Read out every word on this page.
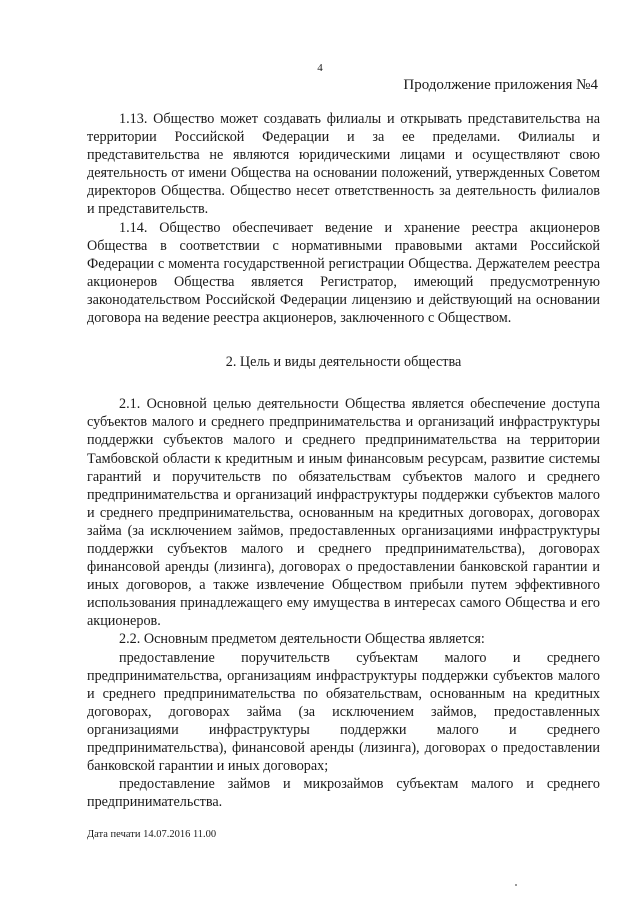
4
Продолжение приложения №4

1.13. Общество может создавать филиалы и открывать представительства на территории Российской Федерации и за ее пределами. Филиалы и представительства не являются юридическими лицами и осуществляют свою деятельность от имени Общества на основании положений, утвержденных Советом директоров Общества. Общество несет ответственность за деятельность филиалов и представительств.

1.14. Общество обеспечивает ведение и хранение реестра акционеров Общества в соответствии с нормативными правовыми актами Российской Федерации с момента государственной регистрации Общества. Держателем реестра акционеров Общества является Регистратор, имеющий предусмотренную законодательством Российской Федерации лицензию и действующий на основании договора на ведение реестра акционеров, заключенного с Обществом.

2. Цель и виды деятельности общества

2.1. Основной целью деятельности Общества является обеспечение доступа субъектов малого и среднего предпринимательства и организаций инфраструктуры поддержки субъектов малого и среднего предпринимательства на территории Тамбовской области к кредитным и иным финансовым ресурсам, развитие системы гарантий и поручительств по обязательствам субъектов малого и среднего предпринимательства и организаций инфраструктуры поддержки субъектов малого и среднего предпринимательства, основанным на кредитных договорах, договорах займа (за исключением займов, предоставленных организациями инфраструктуры поддержки субъектов малого и среднего предпринимательства), договорах финансовой аренды (лизинга), договорах о предоставлении банковской гарантии и иных договоров, а также извлечение Обществом прибыли путем эффективного использования принадлежащего ему имущества в интересах самого Общества и его акционеров.

2.2. Основным предметом деятельности Общества является:

предоставление поручительств субъектам малого и среднего предпринимательства, организациям инфраструктуры поддержки субъектов малого и среднего предпринимательства по обязательствам, основанным на кредитных договорах, договорах займа (за исключением займов, предоставленных организациями инфраструктуры поддержки малого и среднего предпринимательства), финансовой аренды (лизинга), договорах о предоставлении банковской гарантии и иных договорах;

предоставление займов и микрозаймов субъектам малого и среднего предпринимательства.

Дата печати 14.07.2016 11.00
